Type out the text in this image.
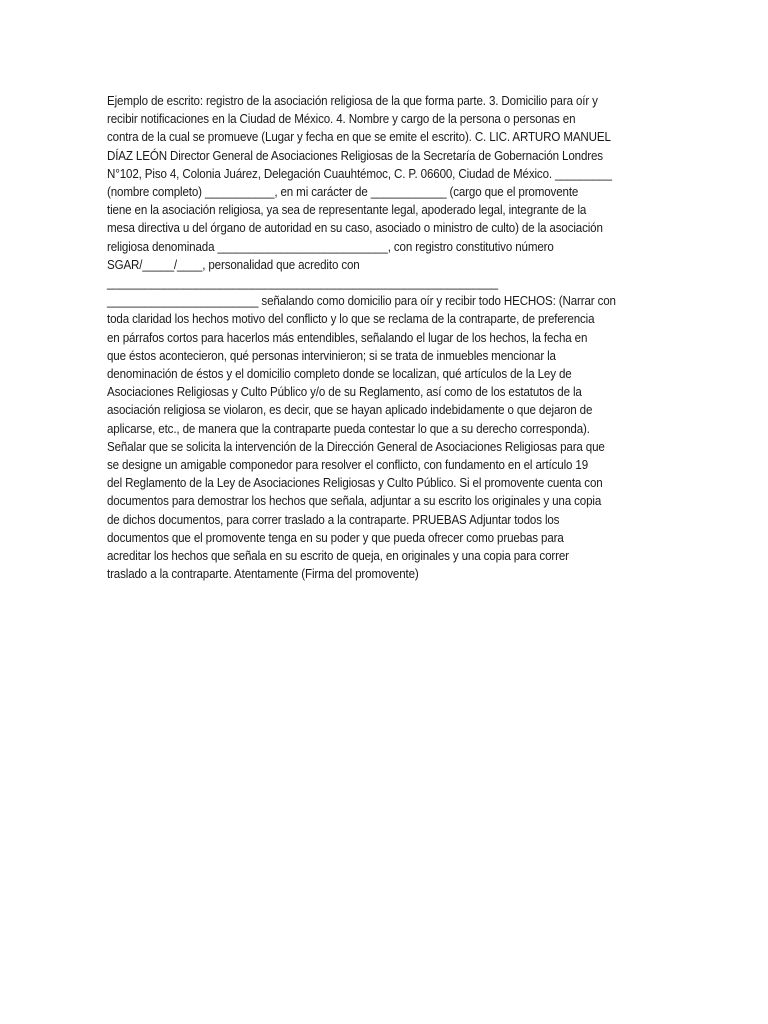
Ejemplo de escrito: registro de la asociación religiosa de la que forma parte. 3. Domicilio para oír y
recibir notificaciones en la Ciudad de México. 4. Nombre y cargo de la persona o personas en
contra de la cual se promueve (Lugar y fecha en que se emite el escrito). C. LIC. ARTURO MANUEL
DÍAZ LEÓN Director General de Asociaciones Religiosas de la Secretaría de Gobernación Londres
N°102, Piso 4, Colonia Juárez, Delegación Cuauhtémoc, C. P. 06600, Ciudad de México. _________
(nombre completo) ___________, en mi carácter de ____________ (cargo que el promovente
tiene en la asociación religiosa, ya sea de representante legal, apoderado legal, integrante de la
mesa directiva u del órgano de autoridad en su caso, asociado o ministro de culto) de la asociación
religiosa denominada ___________________________, con registro constitutivo número
SGAR/_____/____, personalidad que acredito con
______________________________________________________________
________________________ señalando como domicilio para oír y recibir todo HECHOS: (Narrar con
toda claridad los hechos motivo del conflicto y lo que se reclama de la contraparte, de preferencia
en párrafos cortos para hacerlos más entendibles, señalando el lugar de los hechos, la fecha en
que éstos acontecieron, qué personas intervinieron; si se trata de inmuebles mencionar la
denominación de éstos y el domicilio completo donde se localizan, qué artículos de la Ley de
Asociaciones Religiosas y Culto Público y/o de su Reglamento, así como de los estatutos de la
asociación religiosa se violaron, es decir, que se hayan aplicado indebidamente o que dejaron de
aplicarse, etc., de manera que la contraparte pueda contestar lo que a su derecho corresponda).
Señalar que se solicita la intervención de la Dirección General de Asociaciones Religiosas para que
se designe un amigable componedor para resolver el conflicto, con fundamento en el artículo 19
del Reglamento de la Ley de Asociaciones Religiosas y Culto Público. Si el promovente cuenta con
documentos para demostrar los hechos que señala, adjuntar a su escrito los originales y una copia
de dichos documentos, para correr traslado a la contraparte. PRUEBAS Adjuntar todos los
documentos que el promovente tenga en su poder y que pueda ofrecer como pruebas para
acreditar los hechos que señala en su escrito de queja, en originales y una copia para correr
traslado a la contraparte. Atentamente (Firma del promovente)
